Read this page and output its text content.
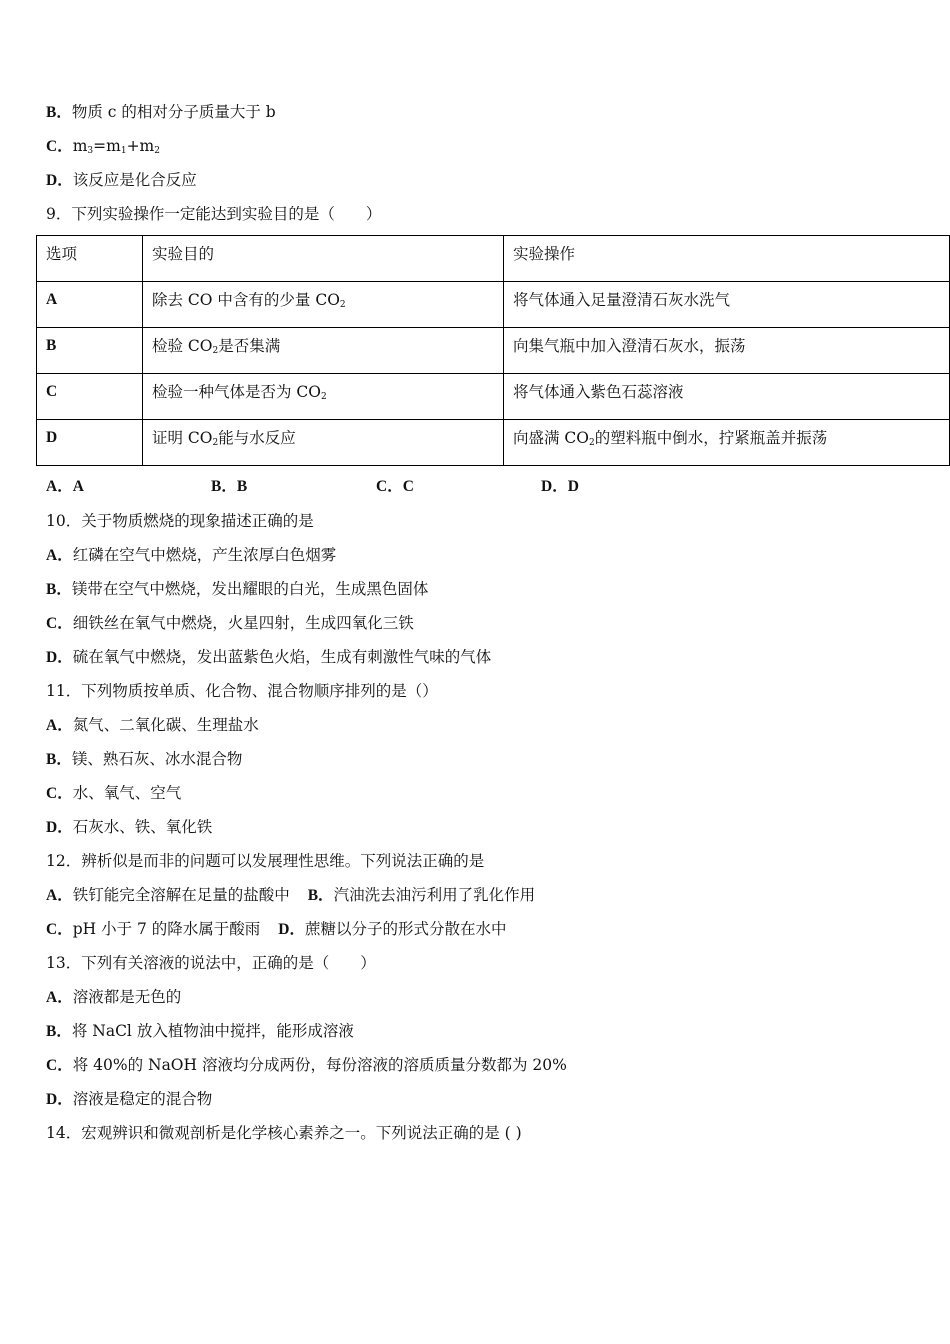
B．物质 c 的相对分子质量大于 b
C．$m_3=m_1+m_2$
D．该反应是化合反应
9．下列实验操作一定能达到实验目的是（　　）
选项	实验目的	实验操作
A	除去 CO 中含有的少量 $CO_2$	将气体通入足量澄清石灰水洗气
B	检验 $CO_2$是否集满	向集气瓶中加入澄清石灰水，振荡
C	检验一种气体是否为 $CO_2$	将气体通入紫色石蕊溶液
D	证明 $CO_2$能与水反应	向盛满 $CO_2$的塑料瓶中倒水，拧紧瓶盖并振荡
A．A	B．B	C．C	D．D
10．关于物质燃烧的现象描述正确的是
A．红磷在空气中燃烧，产生浓厚白色烟雾
B．镁带在空气中燃烧，发出耀眼的白光，生成黑色固体
C．细铁丝在氧气中燃烧，火星四射，生成四氧化三铁
D．硫在氧气中燃烧，发出蓝紫色火焰，生成有刺激性气味的气体
11．下列物质按单质、化合物、混合物顺序排列的是（）
A．氮气、二氧化碳、生理盐水
B．镁、熟石灰、冰水混合物
C．水、氧气、空气
D．石灰水、铁、氧化铁
12．辨析似是而非的问题可以发展理性思维。下列说法正确的是
A．铁钉能完全溶解在足量的盐酸中 B．汽油洗去油污利用了乳化作用
C．pH 小于 7 的降水属于酸雨 D．蔗糖以分子的形式分散在水中
13．下列有关溶液的说法中，正确的是（　　）
A．溶液都是无色的
B．将 NaCl 放入植物油中搅拌，能形成溶液
C．将 40%的 NaOH 溶液均分成两份，每份溶液的溶质质量分数都为 20%
D．溶液是稳定的混合物
14．宏观辨识和微观剖析是化学核心素养之一。下列说法正确的是 ( )
